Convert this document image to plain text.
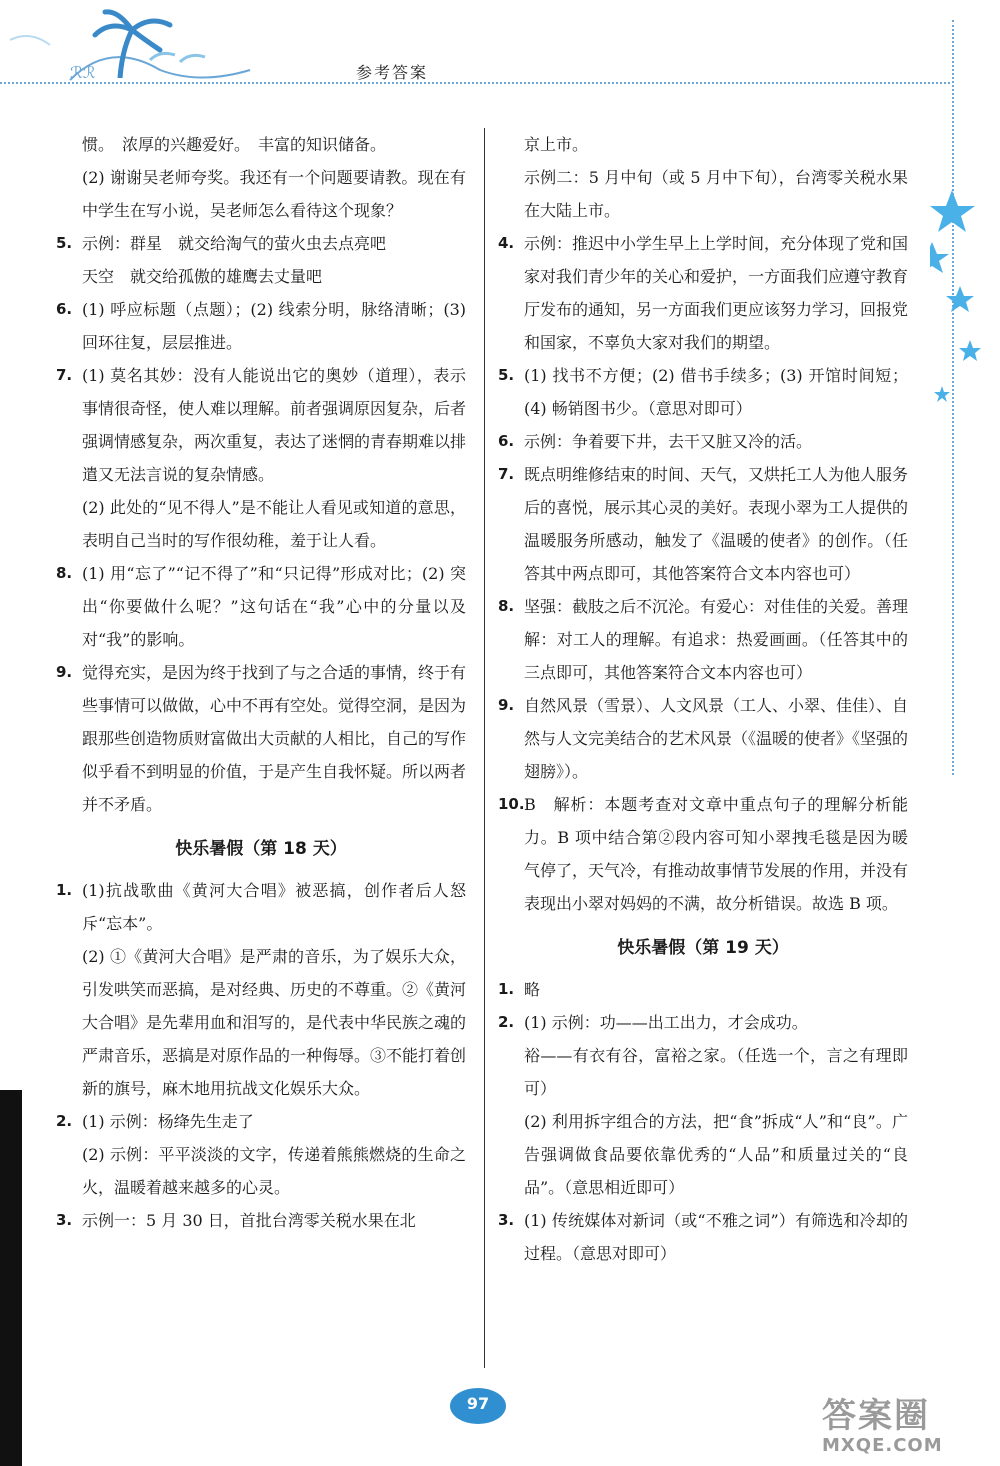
ℛℛ	参考答案

惯。　浓厚的兴趣爱好。　丰富的知识储备。

(2) 谢谢吴老师夸奖。我还有一个问题要请教。现在有中学生在写小说，吴老师怎么看待这个现象？

5. 示例：群星　就交给淘气的萤火虫去点亮吧

天空　就交给孤傲的雄鹰去丈量吧

6. (1) 呼应标题（点题）；(2) 线索分明，脉络清晰；(3) 回环往复，层层推进。

7. (1) 莫名其妙：没有人能说出它的奥妙（道理），表示事情很奇怪，使人难以理解。前者强调原因复杂，后者强调情感复杂，两次重复，表达了迷惘的青春期难以排遣又无法言说的复杂情感。

(2) 此处的“见不得人”是不能让人看见或知道的意思，表明自己当时的写作很幼稚，羞于让人看。

8. (1) 用“忘了”“记不得了”和“只记得”形成对比；(2) 突出“你要做什么呢？”这句话在“我”心中的分量以及对“我”的影响。

9. 觉得充实，是因为终于找到了与之合适的事情，终于有些事情可以做做，心中不再有空处。觉得空洞，是因为跟那些创造物质财富做出大贡献的人相比，自己的写作似乎看不到明显的价值，于是产生自我怀疑。所以两者并不矛盾。

快乐暑假（第 18 天）

1. (1)抗战歌曲《黄河大合唱》被恶搞，创作者后人怒斥“忘本”。

(2) ①《黄河大合唱》是严肃的音乐，为了娱乐大众，引发哄笑而恶搞，是对经典、历史的不尊重。②《黄河大合唱》是先辈用血和泪写的，是代表中华民族之魂的严肃音乐，恶搞是对原作品的一种侮辱。③不能打着创新的旗号，麻木地用抗战文化娱乐大众。

2. (1) 示例：杨绛先生走了

(2) 示例：平平淡淡的文字，传递着熊熊燃烧的生命之火，温暖着越来越多的心灵。

3. 示例一：5 月 30 日，首批台湾零关税水果在北

京上市。

示例二：5 月中旬（或 5 月中下旬），台湾零关税水果在大陆上市。

4. 示例：推迟中小学生早上上学时间，充分体现了党和国家对我们青少年的关心和爱护，一方面我们应遵守教育厅发布的通知，另一方面我们更应该努力学习，回报党和国家，不辜负大家对我们的期望。

5. (1) 找书不方便；(2) 借书手续多；(3) 开馆时间短；(4) 畅销图书少。（意思对即可）

6. 示例：争着要下井，去干又脏又冷的活。

7. 既点明维修结束的时间、天气，又烘托工人为他人服务后的喜悦，展示其心灵的美好。表现小翠为工人提供的温暖服务所感动，触发了《温暖的使者》的创作。（任答其中两点即可，其他答案符合文本内容也可）

8. 坚强：截肢之后不沉沦。有爱心：对佳佳的关爱。善理解：对工人的理解。有追求：热爱画画。（任答其中的三点即可，其他答案符合文本内容也可）

9. 自然风景（雪景）、人文风景（工人、小翠、佳佳）、自然与人文完美结合的艺术风景（《温暖的使者》《坚强的翅膀》）。

10. B　解析：本题考查对文章中重点句子的理解分析能力。B 项中结合第②段内容可知小翠拽毛毯是因为暖气停了，天气冷，有推动故事情节发展的作用，并没有表现出小翠对妈妈的不满，故分析错误。故选 B 项。

快乐暑假（第 19 天）

1. 略

2. (1) 示例：功——出工出力，才会成功。

裕——有衣有谷，富裕之家。（任选一个，言之有理即可）

(2) 利用拆字组合的方法，把“食”拆成“人”和“良”。广告强调做食品要依靠优秀的“人品”和质量过关的“良品”。（意思相近即可）

3. (1) 传统媒体对新词（或“不雅之词”）有筛选和冷却的过程。（意思对即可）

97	答案圈
MXQE.COM
